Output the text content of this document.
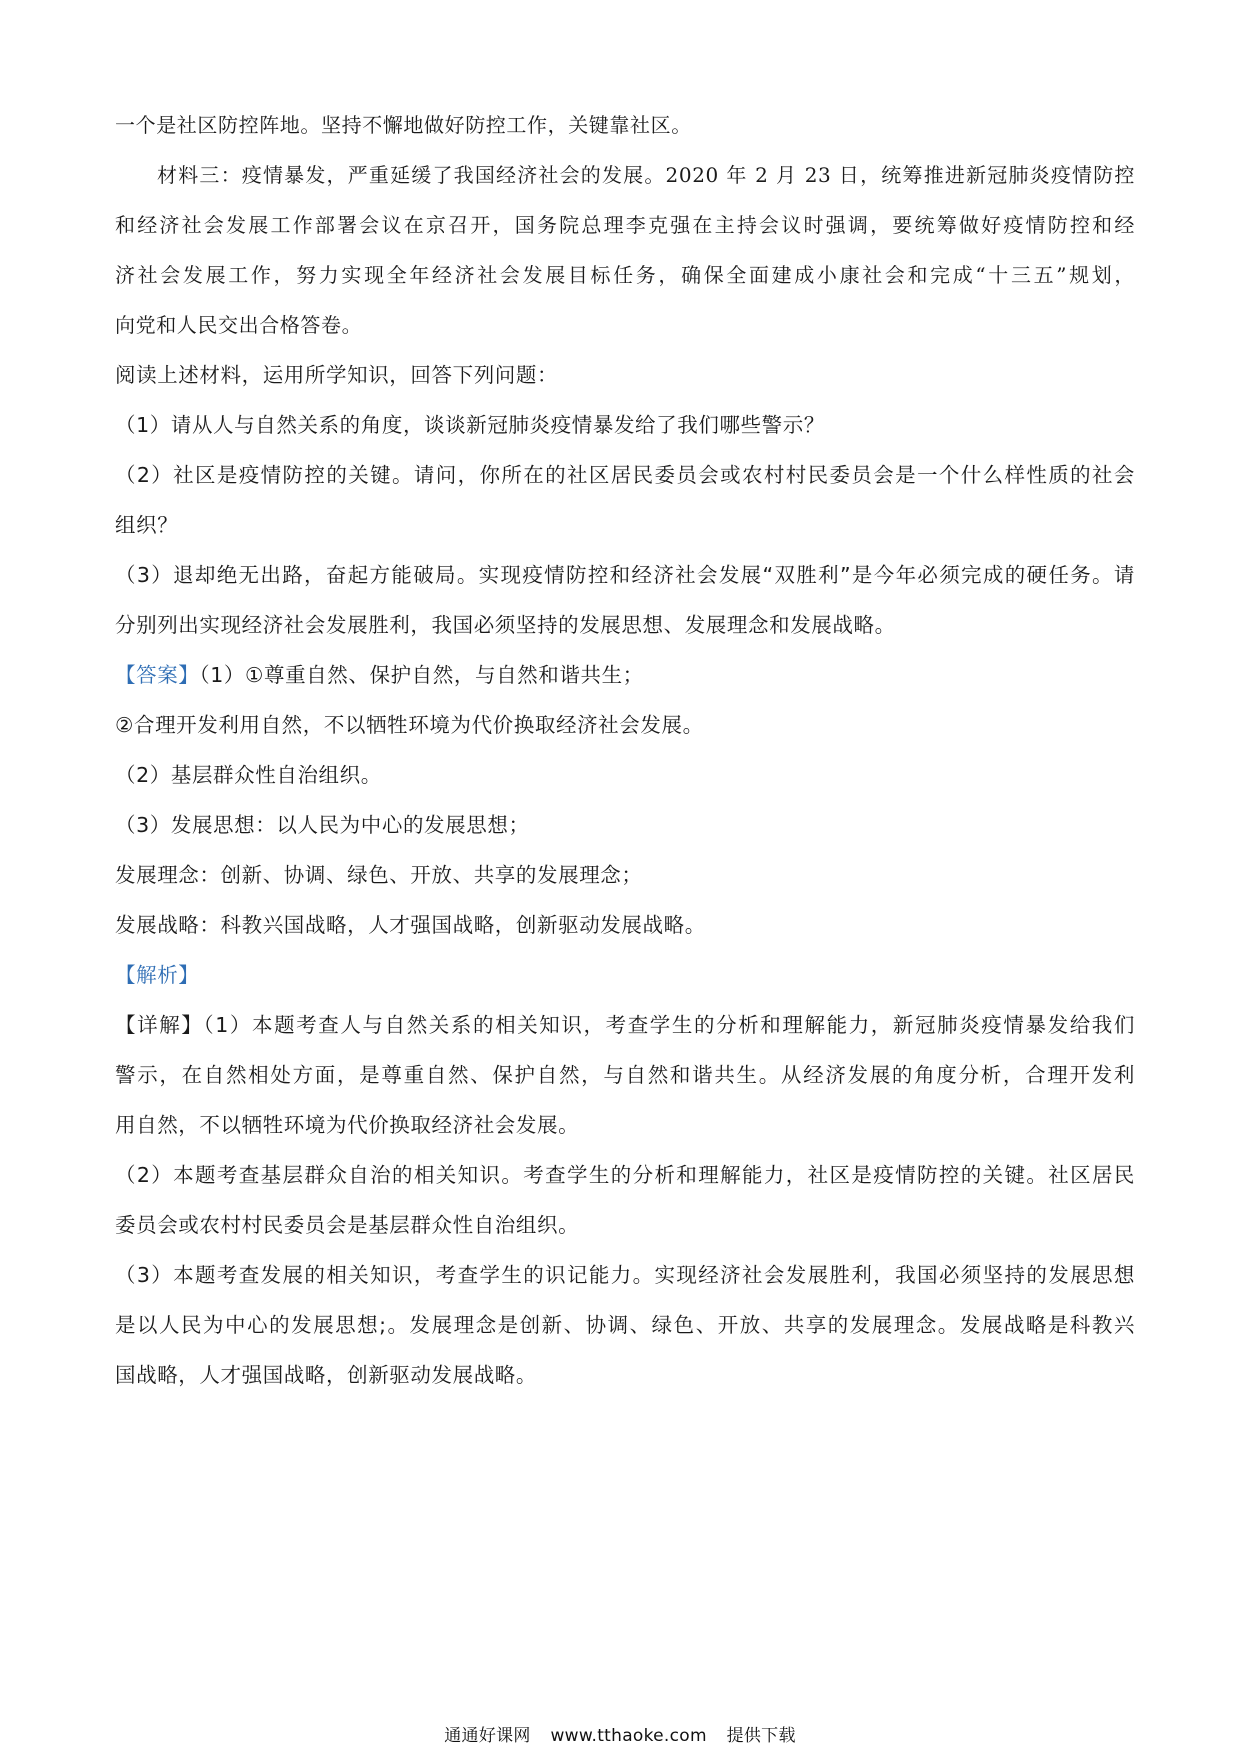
一个是社区防控阵地。坚持不懈地做好防控工作，关键靠社区。
材料三：疫情暴发，严重延缓了我国经济社会的发展。2020 年 2 月 23 日，统筹推进新冠肺炎疫情防控
和经济社会发展工作部署会议在京召开，国务院总理李克强在主持会议时强调，要统筹做好疫情防控和经
济社会发展工作，努力实现全年经济社会发展目标任务，确保全面建成小康社会和完成“十三五”规划，
向党和人民交出合格答卷。
阅读上述材料，运用所学知识，回答下列问题：
（1）请从人与自然关系的角度，谈谈新冠肺炎疫情暴发给了我们哪些警示？
（2）社区是疫情防控的关键。请问，你所在的社区居民委员会或农村村民委员会是一个什么样性质的社会
组织？
（3）退却绝无出路，奋起方能破局。实现疫情防控和经济社会发展“双胜利”是今年必须完成的硬任务。请
分别列出实现经济社会发展胜利，我国必须坚持的发展思想、发展理念和发展战略。
【答案】（1）①尊重自然、保护自然，与自然和谐共生；
②合理开发利用自然，不以牺牲环境为代价换取经济社会发展。
（2）基层群众性自治组织。
（3）发展思想：以人民为中心的发展思想；
发展理念：创新、协调、绿色、开放、共享的发展理念；
发展战略：科教兴国战略，人才强国战略，创新驱动发展战略。
【解析】
【详解】（1）本题考查人与自然关系的相关知识，考查学生的分析和理解能力，新冠肺炎疫情暴发给我们
警示，在自然相处方面，是尊重自然、保护自然，与自然和谐共生。从经济发展的角度分析，合理开发利
用自然，不以牺牲环境为代价换取经济社会发展。
（2）本题考查基层群众自治的相关知识。考查学生的分析和理解能力，社区是疫情防控的关键。社区居民
委员会或农村村民委员会是基层群众性自治组织。
（3）本题考查发展的相关知识，考查学生的识记能力。实现经济社会发展胜利，我国必须坚持的发展思想
是以人民为中心的发展思想;。发展理念是创新、协调、绿色、开放、共享的发展理念。发展战略是科教兴
国战略，人才强国战略，创新驱动发展战略。
通通好课网 www.tthaoke.com 提供下载
